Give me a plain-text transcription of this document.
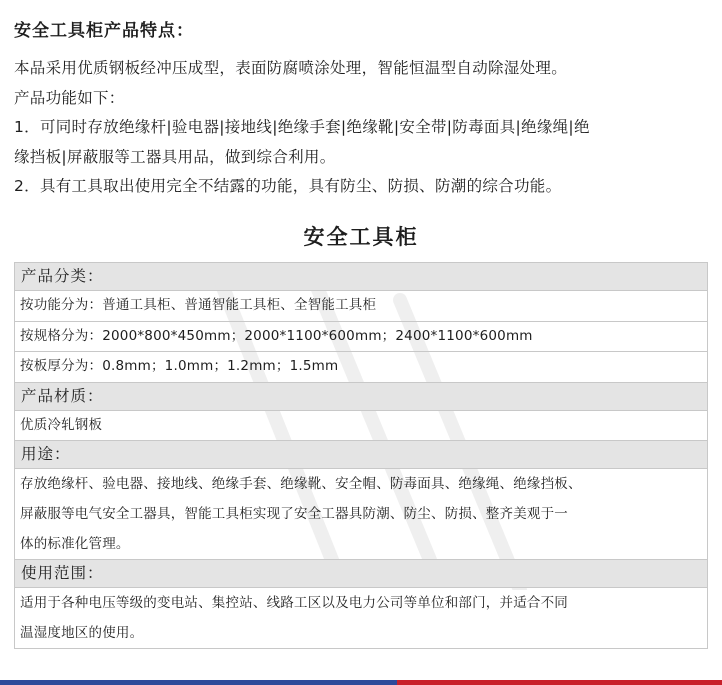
安全工具柜产品特点：
本品采用优质钢板经冲压成型，表面防腐喷涂处理，智能恒温型自动除湿处理。
产品功能如下：
1．可同时存放绝缘杆|验电器|接地线|绝缘手套|绝缘靴|安全带|防毒面具|绝缘绳|绝
缘挡板|屏蔽服等工器具用品，做到综合利用。
2．具有工具取出使用完全不结露的功能，具有防尘、防损、防潮的综合功能。
安全工具柜
产品分类：
按功能分为：普通工具柜、普通智能工具柜、全智能工具柜
按规格分为：2000*800*450mm；2000*1100*600mm；2400*1100*600mm
按板厚分为：0.8mm；1.0mm；1.2mm；1.5mm
产品材质：
优质冷轧钢板
用途：
存放绝缘杆、验电器、接地线、绝缘手套、绝缘靴、安全帽、防毒面具、绝缘绳、绝缘挡板、
屏蔽服等电气安全工器具，智能工具柜实现了安全工器具防潮、防尘、防损、整齐美观于一
体的标准化管理。
使用范围：
适用于各种电压等级的变电站、集控站、线路工区以及电力公司等单位和部门，并适合不同
温湿度地区的使用。
